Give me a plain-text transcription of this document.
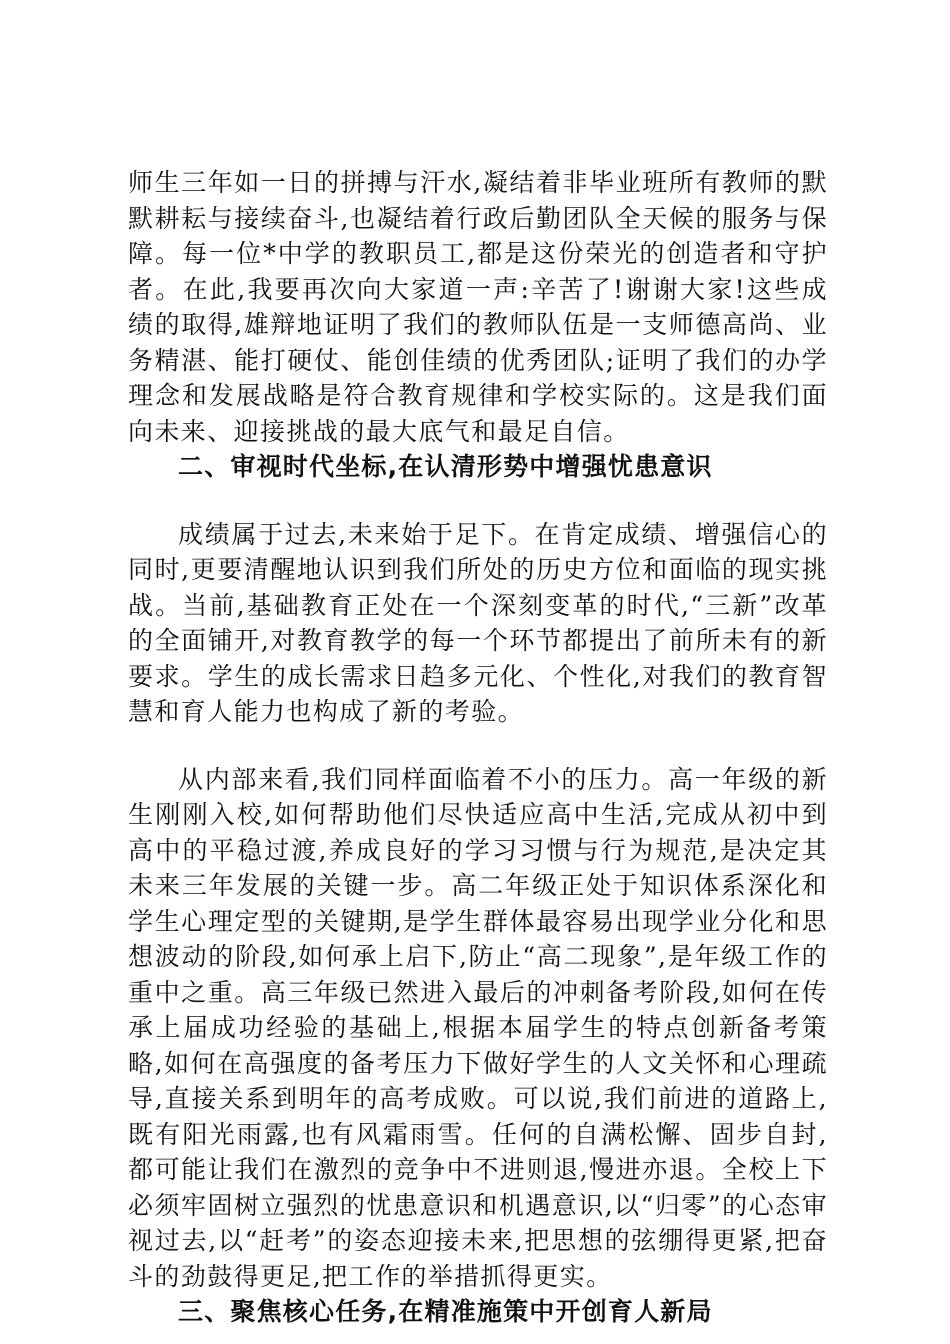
师生三年如一日的拼搏与汗水,凝结着非毕业班所有教师的默默耕耘与接续奋斗,也凝结着行政后勤团队全天候的服务与保障。每一位*中学的教职员工,都是这份荣光的创造者和守护者。在此,我要再次向大家道一声:辛苦了!谢谢大家!这些成绩的取得,雄辩地证明了我们的教师队伍是一支师德高尚、业务精湛、能打硬仗、能创佳绩的优秀团队;证明了我们的办学理念和发展战略是符合教育规律和学校实际的。这是我们面向未来、迎接挑战的最大底气和最足自信。

二、审视时代坐标,在认清形势中增强忧患意识

成绩属于过去,未来始于足下。在肯定成绩、增强信心的同时,更要清醒地认识到我们所处的历史方位和面临的现实挑战。当前,基础教育正处在一个深刻变革的时代,“三新”改革的全面铺开,对教育教学的每一个环节都提出了前所未有的新要求。学生的成长需求日趋多元化、个性化,对我们的教育智慧和育人能力也构成了新的考验。

从内部来看,我们同样面临着不小的压力。高一年级的新生刚刚入校,如何帮助他们尽快适应高中生活,完成从初中到高中的平稳过渡,养成良好的学习习惯与行为规范,是决定其未来三年发展的关键一步。高二年级正处于知识体系深化和学生心理定型的关键期,是学生群体最容易出现学业分化和思想波动的阶段,如何承上启下,防止“高二现象”,是年级工作的重中之重。高三年级已然进入最后的冲刺备考阶段,如何在传承上届成功经验的基础上,根据本届学生的特点创新备考策略,如何在高强度的备考压力下做好学生的人文关怀和心理疏导,直接关系到明年的高考成败。可以说,我们前进的道路上,既有阳光雨露,也有风霜雨雪。任何的自满松懈、固步自封,都可能让我们在激烈的竞争中不进则退,慢进亦退。全校上下必须牢固树立强烈的忧患意识和机遇意识,以“归零”的心态审视过去,以“赶考”的姿态迎接未来,把思想的弦绷得更紧,把奋斗的劲鼓得更足,把工作的举措抓得更实。

三、聚焦核心任务,在精准施策中开创育人新局
